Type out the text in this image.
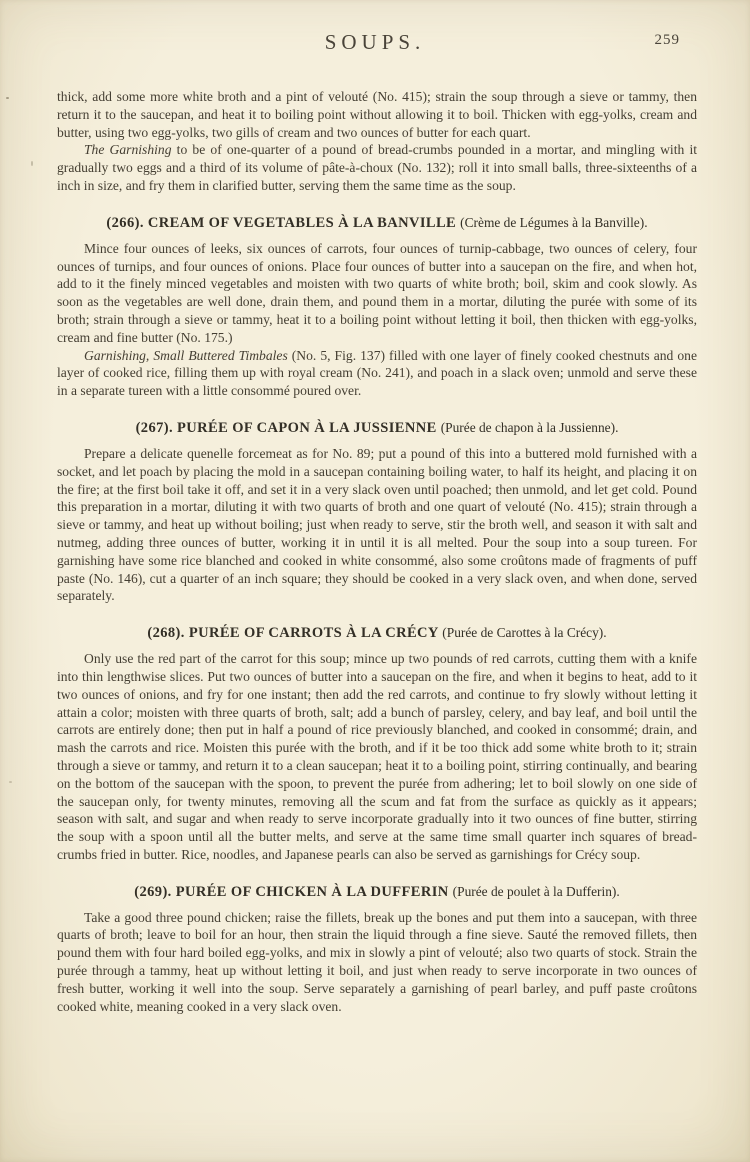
SOUPS.	259

thick, add some more white broth and a pint of velouté (No. 415); strain the soup through a sieve or tammy, then return it to the saucepan, and heat it to boiling point without allowing it to boil. Thicken with egg-yolks, cream and butter, using two egg-yolks, two gills of cream and two ounces of butter for each quart.

The Garnishing to be of one-quarter of a pound of bread-crumbs pounded in a mortar, and mingling with it gradually two eggs and a third of its volume of pâte-à-choux (No. 132); roll it into small balls, three-sixteenths of a inch in size, and fry them in clarified butter, serving them the same time as the soup.

(266). CREAM OF VEGETABLES À LA BANVILLE (Crème de Légumes à la Banville).

Mince four ounces of leeks, six ounces of carrots, four ounces of turnip-cabbage, two ounces of celery, four ounces of turnips, and four ounces of onions. Place four ounces of butter into a saucepan on the fire, and when hot, add to it the finely minced vegetables and moisten with two quarts of white broth; boil, skim and cook slowly. As soon as the vegetables are well done, drain them, and pound them in a mortar, diluting the purée with some of its broth; strain through a sieve or tammy, heat it to a boiling point without letting it boil, then thicken with egg-yolks, cream and fine butter (No. 175.)

Garnishing, Small Buttered Timbales (No. 5, Fig. 137) filled with one layer of finely cooked chestnuts and one layer of cooked rice, filling them up with royal cream (No. 241), and poach in a slack oven; unmold and serve these in a separate tureen with a little consommé poured over.

(267). PURÉE OF CAPON À LA JUSSIENNE (Purée de chapon à la Jussienne).

Prepare a delicate quenelle forcemeat as for No. 89; put a pound of this into a buttered mold furnished with a socket, and let poach by placing the mold in a saucepan containing boiling water, to half its height, and placing it on the fire; at the first boil take it off, and set it in a very slack oven until poached; then unmold, and let get cold. Pound this preparation in a mortar, diluting it with two quarts of broth and one quart of velouté (No. 415); strain through a sieve or tammy, and heat up without boiling; just when ready to serve, stir the broth well, and season it with salt and nutmeg, adding three ounces of butter, working it in until it is all melted. Pour the soup into a soup tureen. For garnishing have some rice blanched and cooked in white consommé, also some croûtons made of fragments of puff paste (No. 146), cut a quarter of an inch square; they should be cooked in a very slack oven, and when done, served separately.

(268). PURÉE OF CARROTS À LA CRÉCY (Purée de Carottes à la Crécy).

Only use the red part of the carrot for this soup; mince up two pounds of red carrots, cutting them with a knife into thin lengthwise slices. Put two ounces of butter into a saucepan on the fire, and when it begins to heat, add to it two ounces of onions, and fry for one instant; then add the red carrots, and continue to fry slowly without letting it attain a color; moisten with three quarts of broth, salt; add a bunch of parsley, celery, and bay leaf, and boil until the carrots are entirely done; then put in half a pound of rice previously blanched, and cooked in consommé; drain, and mash the carrots and rice. Moisten this purée with the broth, and if it be too thick add some white broth to it; strain through a sieve or tammy, and return it to a clean saucepan; heat it to a boiling point, stirring continually, and bearing on the bottom of the saucepan with the spoon, to prevent the purée from adhering; let to boil slowly on one side of the saucepan only, for twenty minutes, removing all the scum and fat from the surface as quickly as it appears; season with salt, and sugar and when ready to serve incorporate gradually into it two ounces of fine butter, stirring the soup with a spoon until all the butter melts, and serve at the same time small quarter inch squares of bread-crumbs fried in butter. Rice, noodles, and Japanese pearls can also be served as garnishings for Crécy soup.

(269). PURÉE OF CHICKEN À LA DUFFERIN (Purée de poulet à la Dufferin).

Take a good three pound chicken; raise the fillets, break up the bones and put them into a saucepan, with three quarts of broth; leave to boil for an hour, then strain the liquid through a fine sieve. Sauté the removed fillets, then pound them with four hard boiled egg-yolks, and mix in slowly a pint of velouté; also two quarts of stock. Strain the purée through a tammy, heat up without letting it boil, and just when ready to serve incorporate in two ounces of fresh butter, working it well into the soup. Serve separately a garnishing of pearl barley, and puff paste croûtons cooked white, meaning cooked in a very slack oven.
